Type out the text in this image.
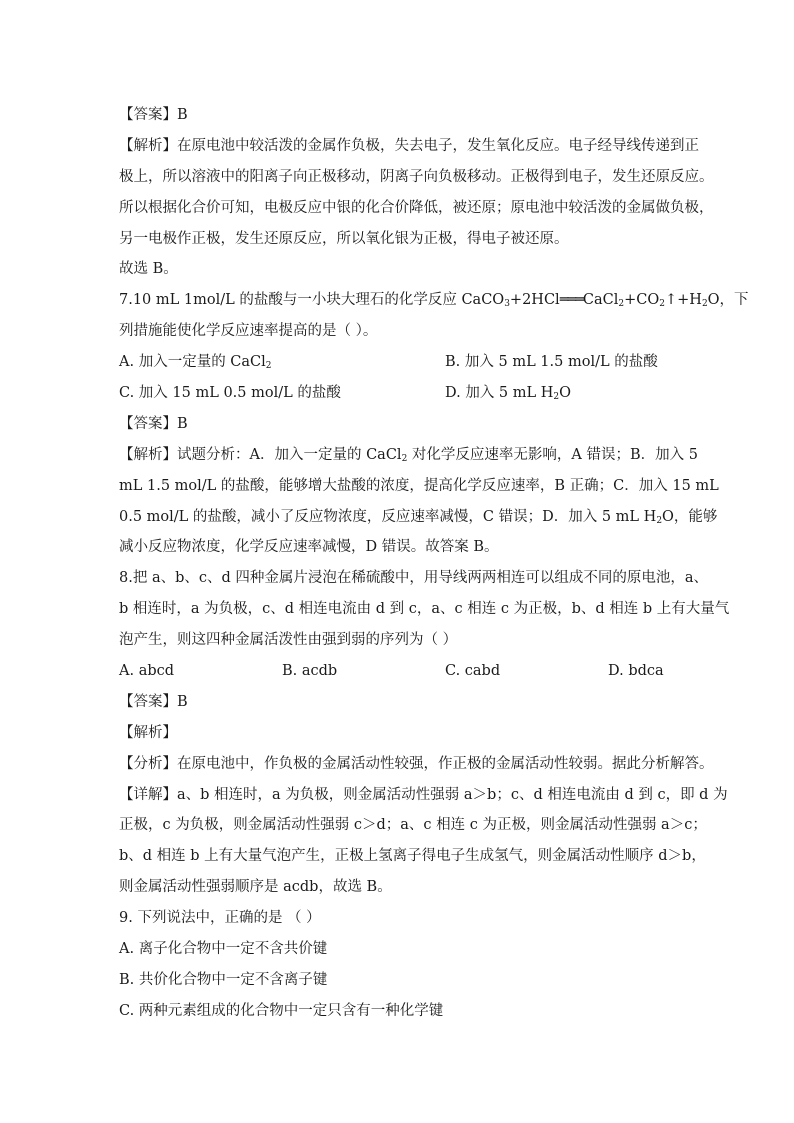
【答案】B
【解析】在原电池中较活泼的金属作负极，失去电子，发生氧化反应。电子经导线传递到正
极上，所以溶液中的阳离子向正极移动，阴离子向负极移动。正极得到电子，发生还原反应。
所以根据化合价可知，电极反应中银的化合价降低，被还原；原电池中较活泼的金属做负极，
另一电极作正极，发生还原反应，所以氧化银为正极，得电子被还原。
故选 B。
7.10 mL 1mol/L 的盐酸与一小块大理石的化学反应 $CaCO_3+2HCl═══CaCl_2+CO_2↑+H_2O$，下
列措施能使化学反应速率提高的是（ ）。
A. 加入一定量的 CaCl$_2$	B. 加入 5 mL 1.5 mol/L 的盐酸
C. 加入 15 mL 0.5 mol/L 的盐酸	D. 加入 5 mL $H_2O$
【答案】B
【解析】试题分析：A．加入一定量的 CaCl$_2$ 对化学反应速率无影响，A 错误；B．加入 5
mL 1.5 mol/L 的盐酸，能够增大盐酸的浓度，提高化学反应速率，B 正确；C．加入 15 mL
0.5 mol/L 的盐酸，减小了反应物浓度，反应速率减慢，C 错误；D．加入 5 mL $H_2O$，能够
减小反应物浓度，化学反应速率减慢，D 错误。故答案 B。
8.把 a、b、c、d 四种金属片浸泡在稀硫酸中，用导线两两相连可以组成不同的原电池，a、
b 相连时，a 为负极，c、d 相连电流由 d 到 c，a、c 相连 c 为正极，b、d 相连 b 上有大量气
泡产生，则这四种金属活泼性由强到弱的序列为（ ）
A. abcd	B. acdb	C. cabd	D. bdca
【答案】B
【解析】
【分析】在原电池中，作负极的金属活动性较强，作正极的金属活动性较弱。据此分析解答。
【详解】a、b 相连时，a 为负极，则金属活动性强弱 a＞b；c、d 相连电流由 d 到 c，即 d 为
正极，c 为负极，则金属活动性强弱 c＞d；a、c 相连 c 为正极，则金属活动性强弱 a＞c；
b、d 相连 b 上有大量气泡产生，正极上氢离子得电子生成氢气，则金属活动性顺序 d＞b，
则金属活动性强弱顺序是 acdb，故选 B。
9. 下列说法中，正确的是 （ ）
A. 离子化合物中一定不含共价键
B. 共价化合物中一定不含离子键
C. 两种元素组成的化合物中一定只含有一种化学键
